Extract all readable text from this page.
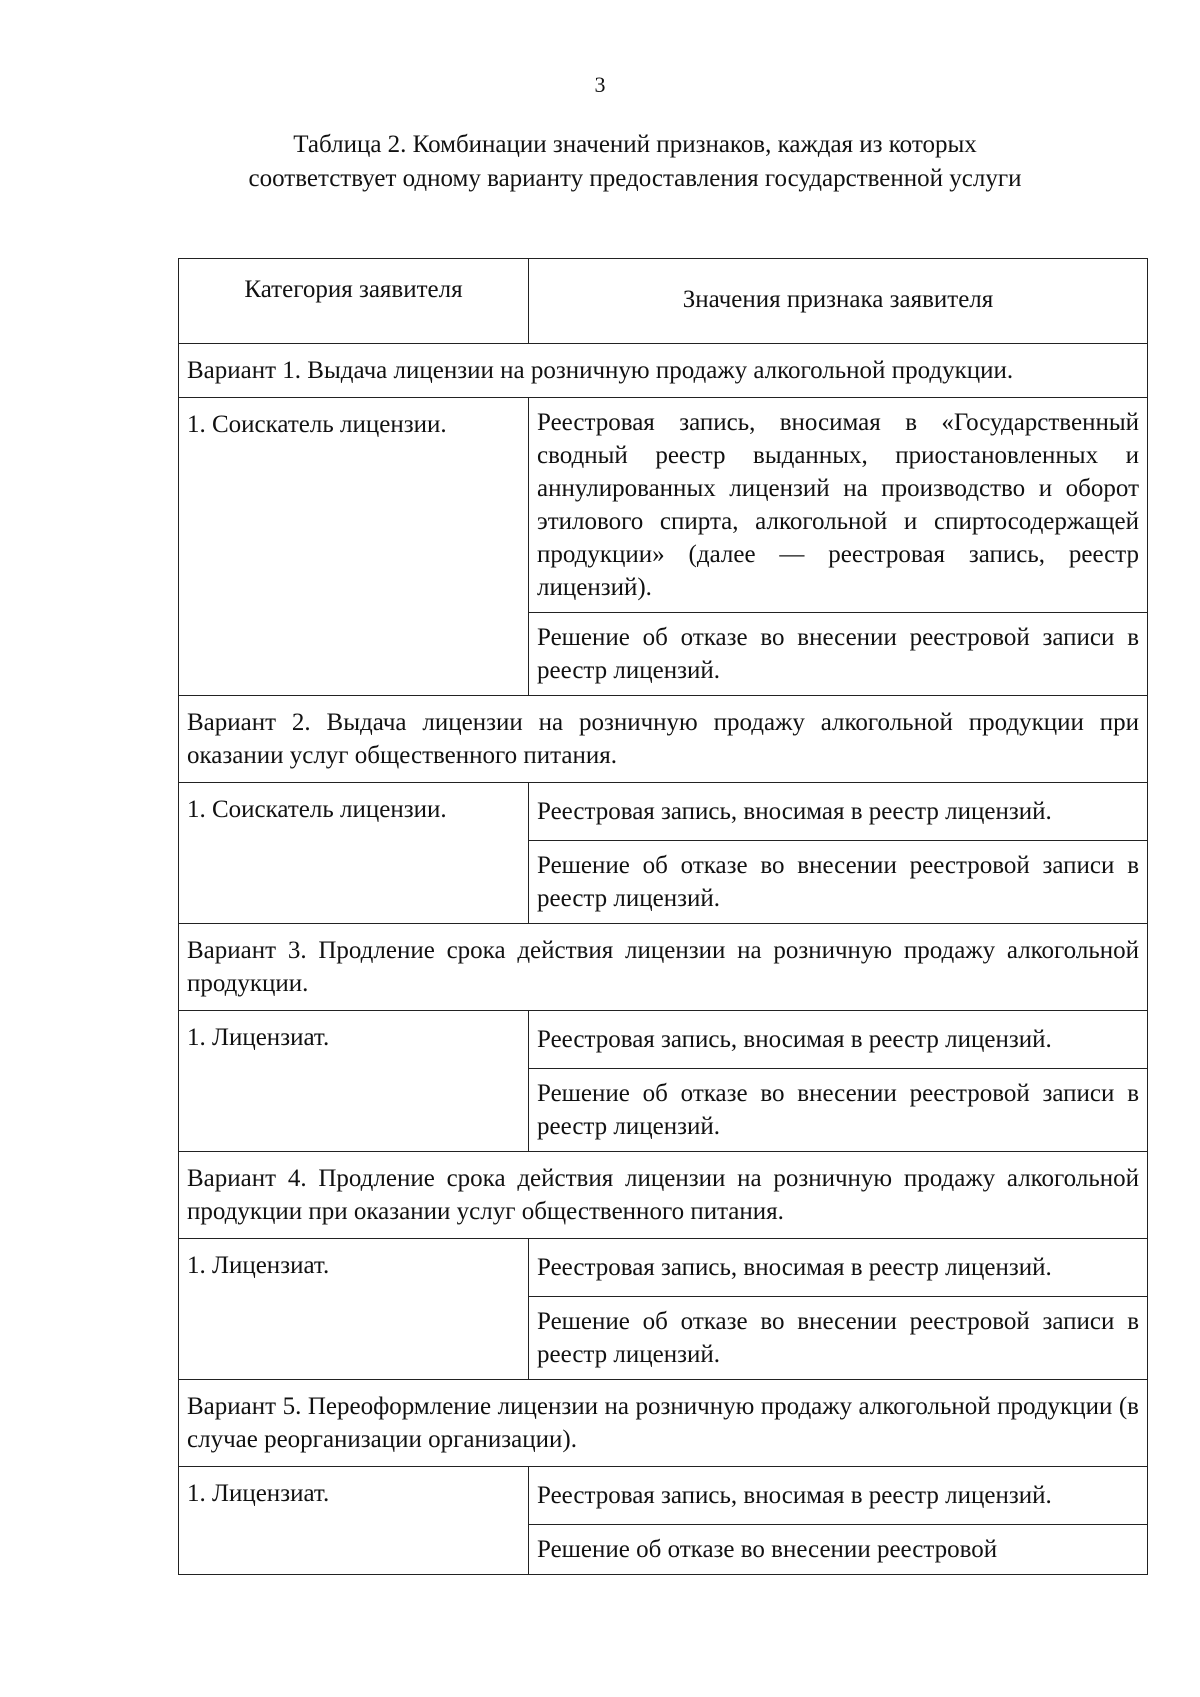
3
Таблица 2. Комбинации значений признаков, каждая из которых соответствует одному варианту предоставления государственной услуги
Категория заявителя	Значения признака заявителя
Вариант 1. Выдача лицензии на розничную продажу алкогольной продукции.	
1. Соискатель лицензии.	Реестровая запись, вносимая в «Государственный сводный реестр выданных, приостановленных и аннулированных лицензий на производство и оборот этилового спирта, алкогольной и спиртосодержащей продукции» (далее — реестровая запись, реестр лицензий).
	Решение об отказе во внесении реестровой записи в реестр лицензий.
Вариант 2. Выдача лицензии на розничную продажу алкогольной продукции при оказании услуг общественного питания.	
1. Соискатель лицензии.	Реестровая запись, вносимая в реестр лицензий.
	Решение об отказе во внесении реестровой записи в реестр лицензий.
Вариант 3. Продление срока действия лицензии на розничную продажу алкогольной продукции.	
1. Лицензиат.	Реестровая запись, вносимая в реестр лицензий.
	Решение об отказе во внесении реестровой записи в реестр лицензий.
Вариант 4. Продление срока действия лицензии на розничную продажу алкогольной продукции при оказании услуг общественного питания.	
1. Лицензиат.	Реестровая запись, вносимая в реестр лицензий.
	Решение об отказе во внесении реестровой записи в реестр лицензий.
Вариант 5. Переоформление лицензии на розничную продажу алкогольной продукции (в случае реорганизации организации).	
1. Лицензиат.	Реестровая запись, вносимая в реестр лицензий.
	Решение об отказе во внесении реестровой
